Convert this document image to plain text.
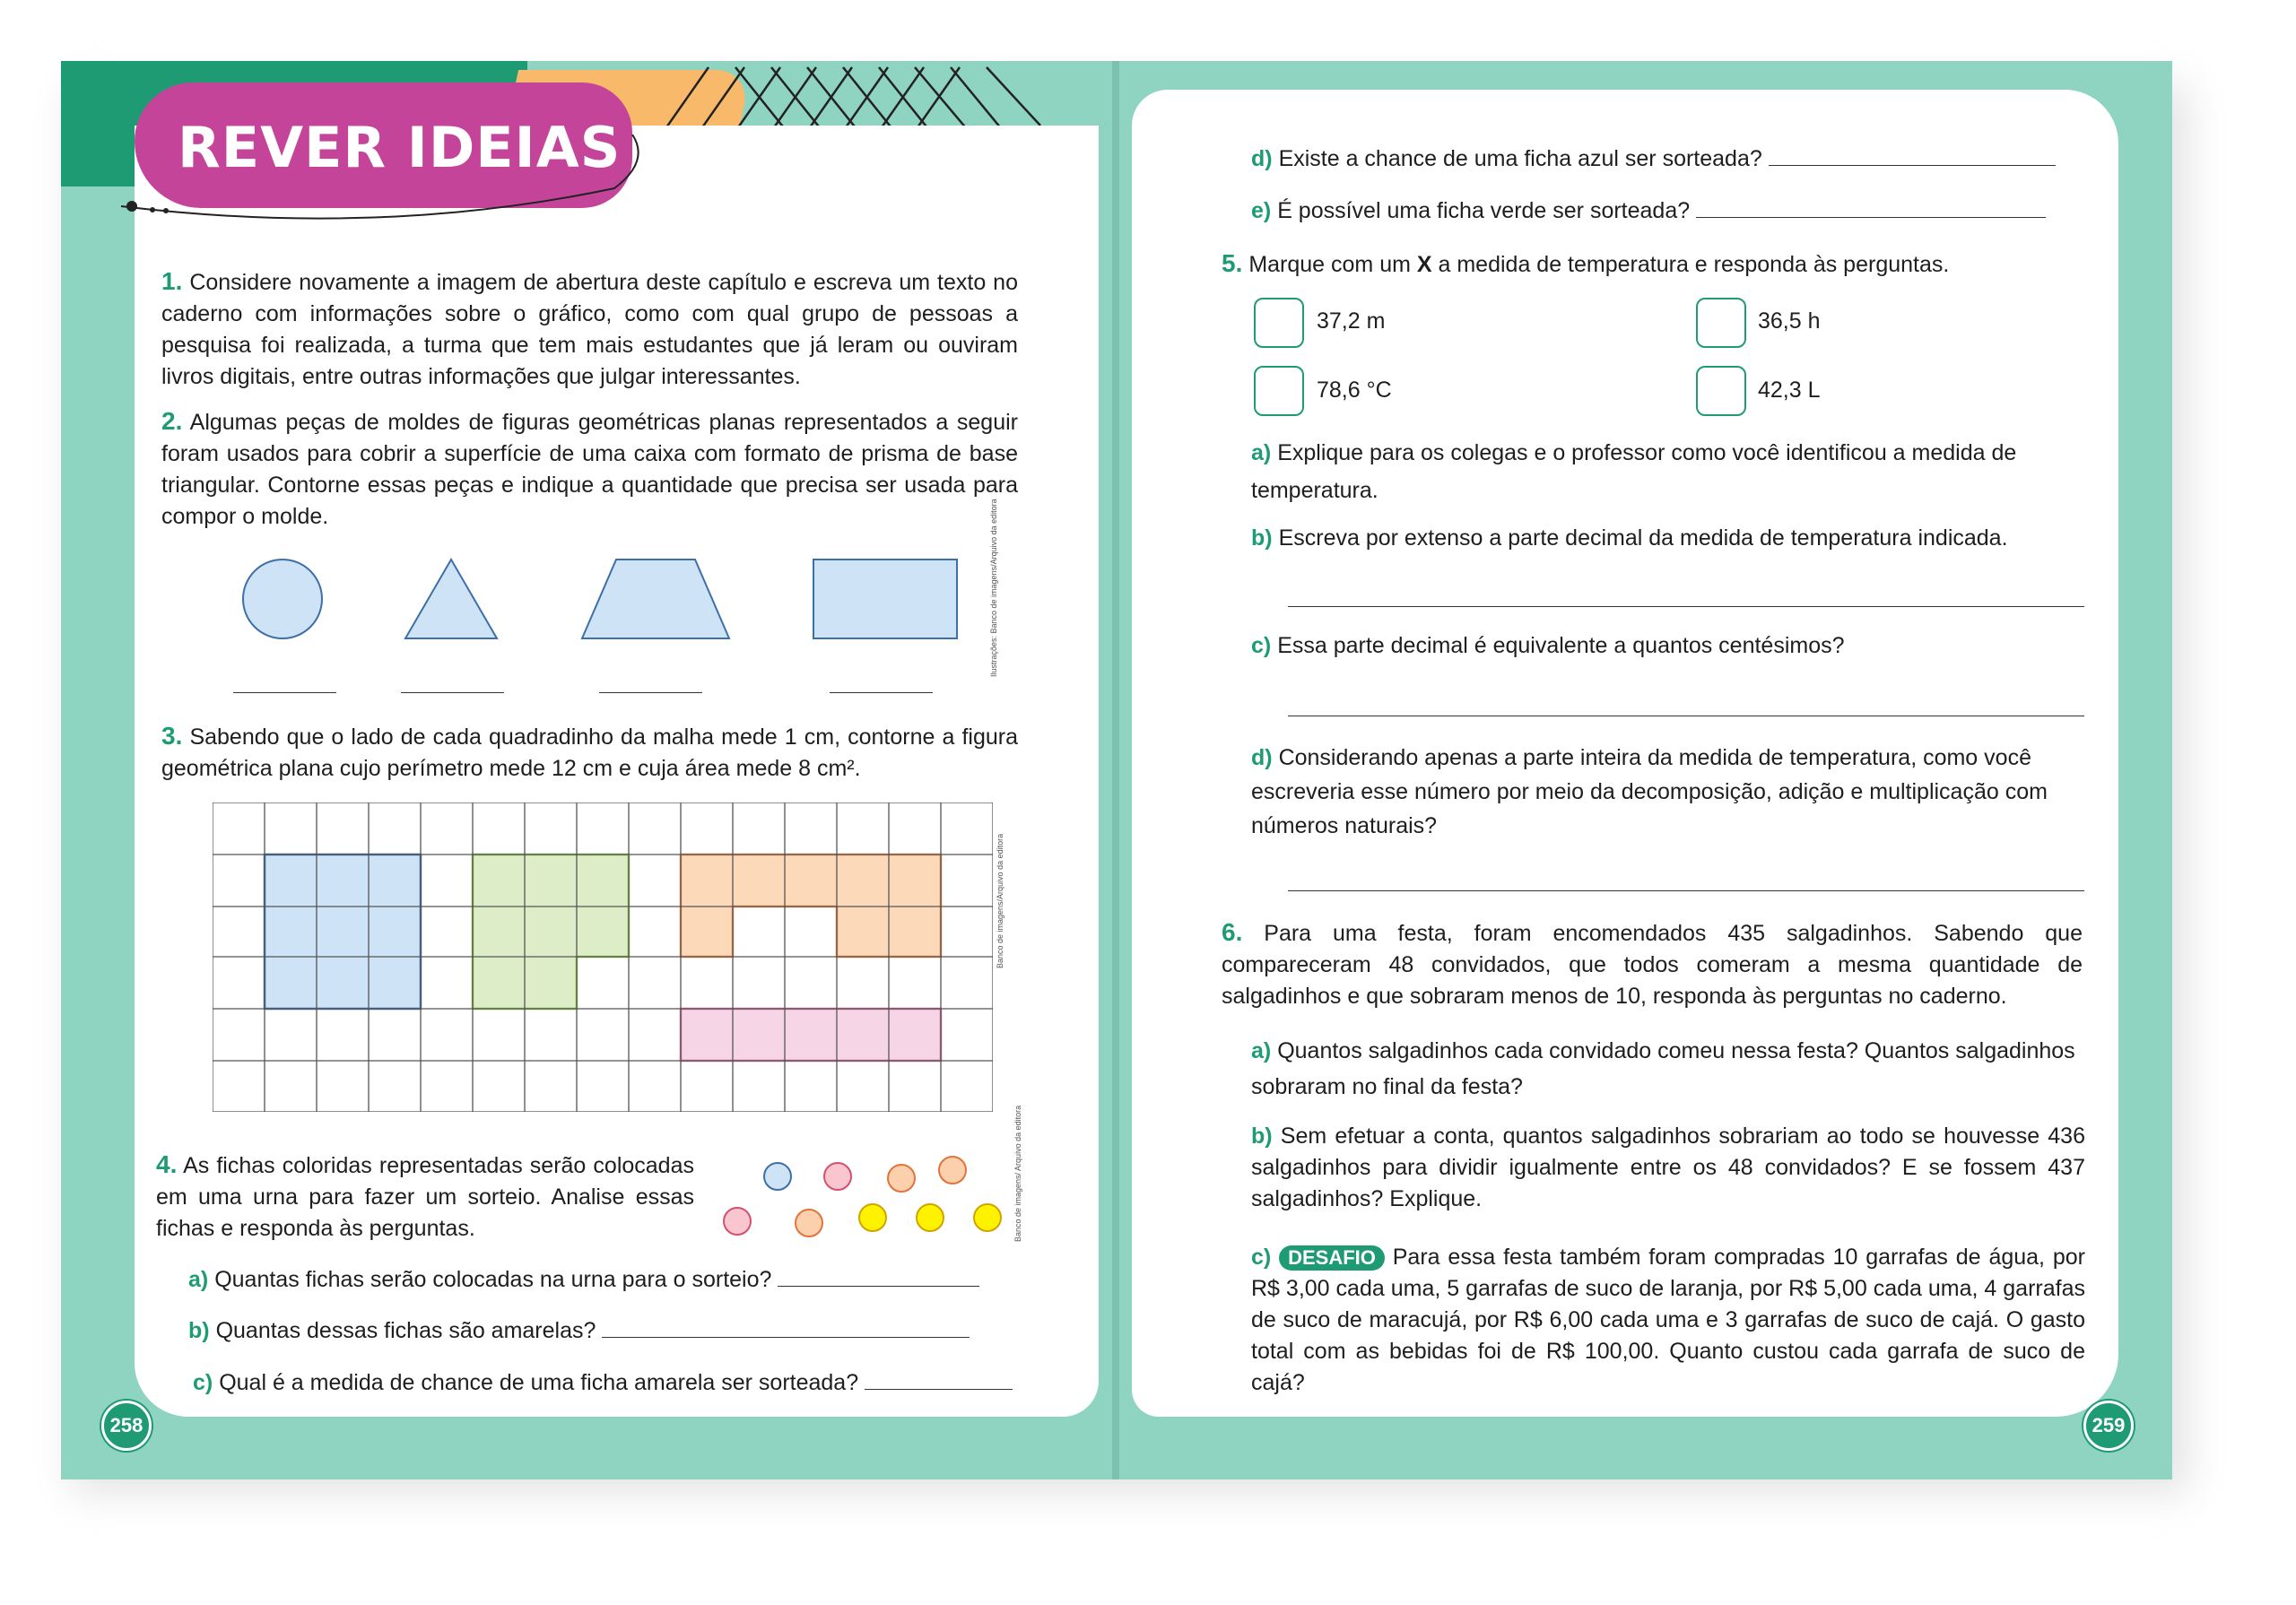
REVER IDEIAS
1. Considere novamente a imagem de abertura deste capítulo e escreva um texto no caderno com informações sobre o gráfico, como com qual grupo de pessoas a pesquisa foi realizada, a turma que tem mais estudantes que já leram ou ouviram livros digitais, entre outras informações que julgar interessantes.
2. Algumas peças de moldes de figuras geométricas planas representados a seguir foram usados para cobrir a superfície de uma caixa com formato de prisma de base triangular. Contorne essas peças e indique a quantidade que precisa ser usada para compor o molde.	Ilustrações: Banco de imagens/Arquivo da editora
3. Sabendo que o lado de cada quadradinho da malha mede 1 cm, contorne a figura geométrica plana cujo perímetro mede 12 cm e cuja área mede 8 cm².
Banco de imagens/Arquivo da editora
4. As fichas coloridas representadas serão colocadas em uma urna para fazer um sorteio. Analise essas fichas e responda às perguntas.	Banco de imagens/ Arquivo da editora
a) Quantas fichas serão colocadas na urna para o sorteio?
b) Quantas dessas fichas são amarelas?
c) Qual é a medida de chance de uma ficha amarela ser sorteada?
258
d) Existe a chance de uma ficha azul ser sorteada?
e) É possível uma ficha verde ser sorteada?
5. Marque com um X a medida de temperatura e responda às perguntas.
37,2 m	36,5 h
78,6 °C	42,3 L
a) Explique para os colegas e o professor como você identificou a medida de temperatura.
b) Escreva por extenso a parte decimal da medida de temperatura indicada.
c) Essa parte decimal é equivalente a quantos centésimos?
d) Considerando apenas a parte inteira da medida de temperatura, como você escreveria esse número por meio da decomposição, adição e multiplicação com números naturais?
6. Para uma festa, foram encomendados 435 salgadinhos. Sabendo que compareceram 48 convidados, que todos comeram a mesma quantidade de salgadinhos e que sobraram menos de 10, responda às perguntas no caderno.
a) Quantos salgadinhos cada convidado comeu nessa festa? Quantos salgadinhos sobraram no final da festa?
b) Sem efetuar a conta, quantos salgadinhos sobrariam ao todo se houvesse 436 salgadinhos para dividir igualmente entre os 48 convidados? E se fossem 437 salgadinhos? Explique.
c) DESAFIO Para essa festa também foram compradas 10 garrafas de água, por R$ 3,00 cada uma, 5 garrafas de suco de laranja, por R$ 5,00 cada uma, 4 garrafas de suco de maracujá, por R$ 6,00 cada uma e 3 garrafas de suco de cajá. O gasto total com as bebidas foi de R$ 100,00. Quanto custou cada garrafa de suco de cajá?
259
